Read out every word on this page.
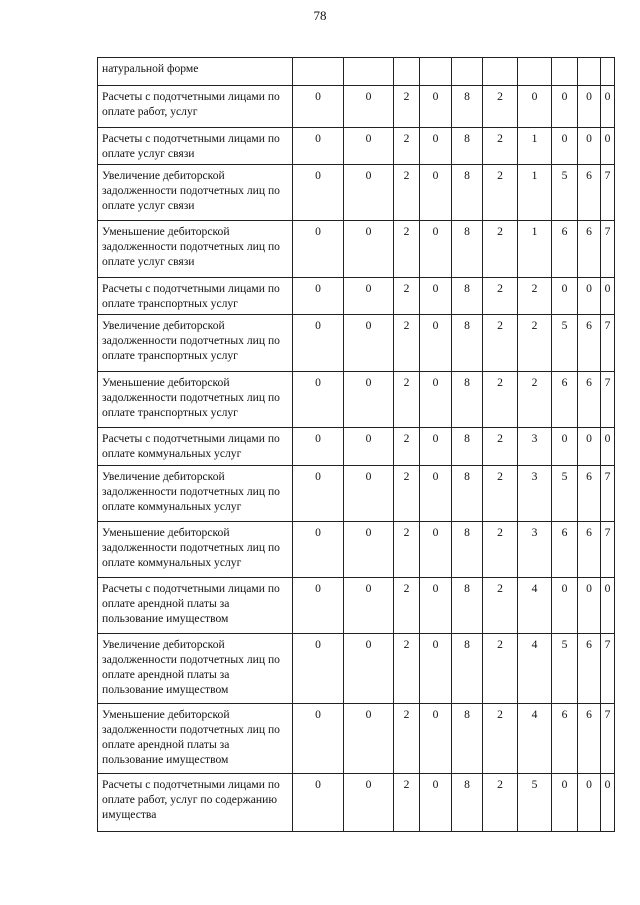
78
натуральной форме										
Расчеты с подотчетными лицами по оплате работ, услуг	0	0	2	0	8	2	0	0	0	0
Расчеты с подотчетными лицами по оплате услуг связи	0	0	2	0	8	2	1	0	0	0
Увеличение дебиторской задолженности подотчетных лиц по оплате услуг связи	0	0	2	0	8	2	1	5	6	7
Уменьшение дебиторской задолженности подотчетных лиц по оплате услуг связи	0	0	2	0	8	2	1	6	6	7
Расчеты с подотчетными лицами по оплате транспортных услуг	0	0	2	0	8	2	2	0	0	0
Увеличение дебиторской задолженности подотчетных лиц по оплате транспортных услуг	0	0	2	0	8	2	2	5	6	7
Уменьшение дебиторской задолженности подотчетных лиц по оплате транспортных услуг	0	0	2	0	8	2	2	6	6	7
Расчеты с подотчетными лицами по оплате коммунальных услуг	0	0	2	0	8	2	3	0	0	0
Увеличение дебиторской задолженности подотчетных лиц по оплате коммунальных услуг	0	0	2	0	8	2	3	5	6	7
Уменьшение дебиторской задолженности подотчетных лиц по оплате коммунальных услуг	0	0	2	0	8	2	3	6	6	7
Расчеты с подотчетными лицами по оплате арендной платы за пользование имуществом	0	0	2	0	8	2	4	0	0	0
Увеличение дебиторской задолженности подотчетных лиц по оплате арендной платы за пользование имуществом	0	0	2	0	8	2	4	5	6	7
Уменьшение дебиторской задолженности подотчетных лиц по оплате арендной платы за пользование имуществом	0	0	2	0	8	2	4	6	6	7
Расчеты с подотчетными лицами по оплате работ, услуг по содержанию имущества	0	0	2	0	8	2	5	0	0	0
